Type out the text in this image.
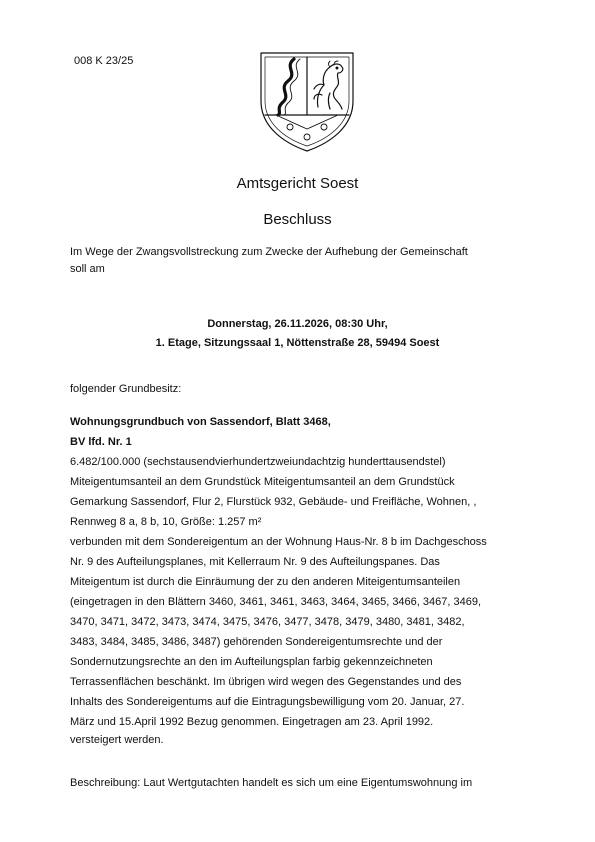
008 K 23/25
Amtsgericht Soest
Beschluss
Im Wege der Zwangsvollstreckung zum Zwecke der Aufhebung der Gemeinschaft
soll am
Donnerstag, 26.11.2026, 08:30 Uhr,
1. Etage, Sitzungssaal 1, Nöttenstraße 28, 59494 Soest
folgender Grundbesitz:
Wohnungsgrundbuch von Sassendorf, Blatt 3468,
BV lfd. Nr. 1
6.482/100.000 (sechstausendvierhundertzweiundachtzig hunderttausendstel)
Miteigentumsanteil an dem Grundstück Miteigentumsanteil an dem Grundstück
Gemarkung Sassendorf, Flur 2, Flurstück 932, Gebäude- und Freifläche, Wohnen, ,
Rennweg 8 a, 8 b, 10, Größe: 1.257 m²
verbunden mit dem Sondereigentum an der Wohnung Haus-Nr. 8 b im Dachgeschoss
Nr. 9 des Aufteilungsplanes, mit Kellerraum Nr. 9 des Aufteilungspanes. Das
Miteigentum ist durch die Einräumung der zu den anderen Miteigentumsanteilen
(eingetragen in den Blättern 3460, 3461, 3461, 3463, 3464, 3465, 3466, 3467, 3469,
3470, 3471, 3472, 3473, 3474, 3475, 3476, 3477, 3478, 3479, 3480, 3481, 3482,
3483, 3484, 3485, 3486, 3487) gehörenden Sondereigentumsrechte und der
Sondernutzungsrechte an den im Aufteilungsplan farbig gekennzeichneten
Terrassenflächen beschänkt. Im übrigen wird wegen des Gegenstandes und des
Inhalts des Sondereigentums auf die Eintragungsbewilligung vom 20. Januar, 27.
März und 15.April 1992 Bezug genommen. Eingetragen am 23. April 1992.
versteigert werden.
Beschreibung: Laut Wertgutachten handelt es sich um eine Eigentumswohnung im
